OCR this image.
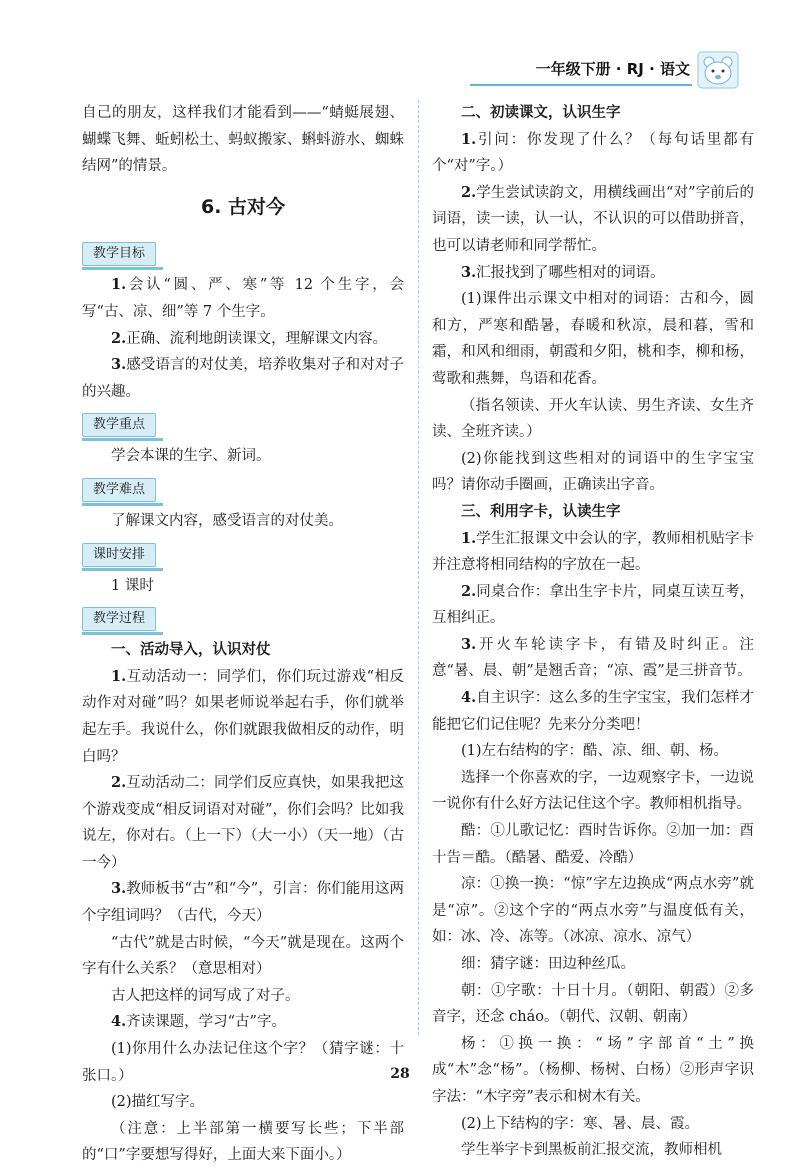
一年级下册 · RJ · 语文

自己的朋友，这样我们才能看到——“蜻蜓展翅、蝴蝶飞舞、蚯蚓松土、蚂蚁搬家、蝌蚪游水、蜘蛛结网”的情景。

6. 古对今
教学目标

1.会认“圆、严、寒”等 12 个生字，会写“古、凉、细”等 7 个生字。

2.正确、流利地朗读课文，理解课文内容。

3.感受语言的对仗美，培养收集对子和对对子的兴趣。

教学重点

学会本课的生字、新词。

教学难点

了解课文内容，感受语言的对仗美。

课时安排

1 课时

教学过程

一、活动导入，认识对仗

1.互动活动一：同学们，你们玩过游戏“相反动作对对碰”吗？如果老师说举起右手，你们就举起左手。我说什么，你们就跟我做相反的动作，明白吗？

2.互动活动二：同学们反应真快，如果我把这个游戏变成“相反词语对对碰”，你们会吗？比如我说左，你对右。（上一下）（大一小）（天一地）（古一今）

3.教师板书“古”和“今”，引言：你们能用这两个字组词吗？（古代，今天）

“古代”就是古时候，“今天”就是现在。这两个字有什么关系？（意思相对）

古人把这样的词写成了对子。

4.齐读课题，学习“古”字。

(1)你用什么办法记住这个字？（猜字谜：十张口。）

(2)描红写字。

（注意：上半部第一横要写长些；下半部的“口”字要想写得好，上面大来下面小。）

二、初读课文，认识生字

1.引问：你发现了什么？（每句话里都有个“对”字。）

2.学生尝试读韵文，用横线画出“对”字前后的词语，读一读，认一认，不认识的可以借助拼音，也可以请老师和同学帮忙。

3.汇报找到了哪些相对的词语。

(1)课件出示课文中相对的词语：古和今，圆和方，严寒和酷暑，春暖和秋凉，晨和暮，雪和霜，和风和细雨，朝霞和夕阳，桃和李，柳和杨，莺歌和燕舞，鸟语和花香。

（指名领读、开火车认读、男生齐读、女生齐读、全班齐读。）

(2)你能找到这些相对的词语中的生字宝宝吗？请你动手圈画，正确读出字音。

三、利用字卡，认读生字

1.学生汇报课文中会认的字，教师相机贴字卡并注意将相同结构的字放在一起。

2.同桌合作：拿出生字卡片，同桌互读互考，互相纠正。

3.开火车轮读字卡，有错及时纠正。注意“暑、晨、朝”是翘舌音；“凉、霞”是三拼音节。

4.自主识字：这么多的生字宝宝，我们怎样才能把它们记住呢？先来分分类吧！

(1)左右结构的字：酷、凉、细、朝、杨。

选择一个你喜欢的字，一边观察字卡，一边说一说你有什么好方法记住这个字。教师相机指导。

酷：①儿歌记忆：酉时告诉你。②加一加：酉十告＝酷。（酷暑、酷爱、冷酷）

凉：①换一换：“惊”字左边换成“两点水旁”就是“凉”。②这个字的“两点水旁”与温度低有关，如：冰、冷、冻等。（冰凉、凉水、凉气）

细：猜字谜：田边种丝瓜。

朝：①字歌：十日十月。（朝阳、朝霞）②多音字，还念 cháo。（朝代、汉朝、朝南）

杨：①换一换：“场”字部首“土”换成“木”念“杨”。（杨柳、杨树、白杨）②形声字识字法：“木字旁”表示和树木有关。

(2)上下结构的字：寒、暑、晨、霞。

学生举字卡到黑板前汇报交流，教师相机

28
